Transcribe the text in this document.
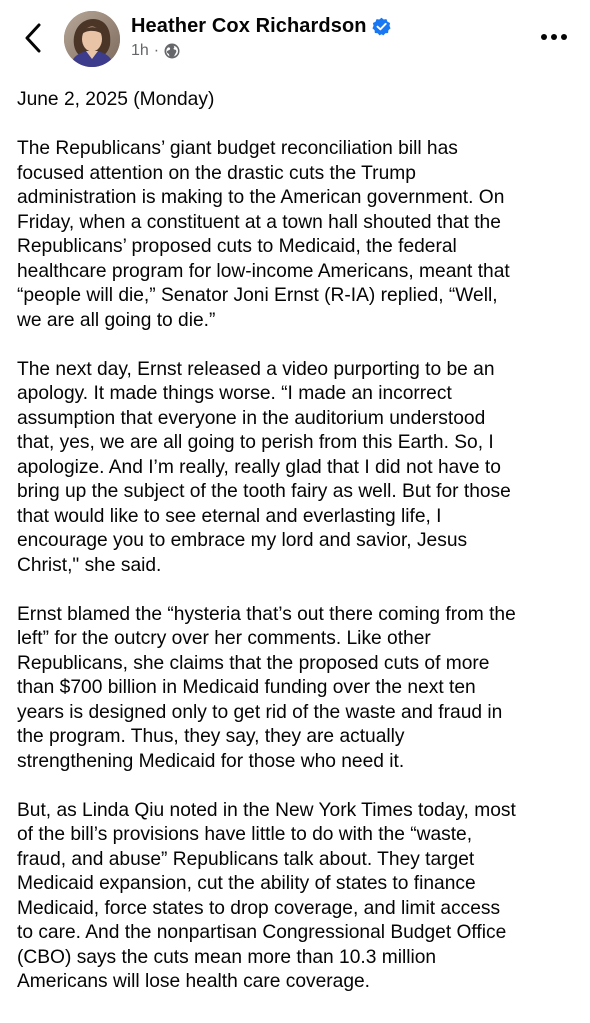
Heather Cox Richardson
1h ·

June 2, 2025 (Monday)

The Republicans’ giant budget reconciliation bill has
focused attention on the drastic cuts the Trump
administration is making to the American government. On
Friday, when a constituent at a town hall shouted that the
Republicans’ proposed cuts to Medicaid, the federal
healthcare program for low-income Americans, meant that
“people will die,” Senator Joni Ernst (R-IA) replied, “Well,
we are all going to die.”

The next day, Ernst released a video purporting to be an
apology. It made things worse. “I made an incorrect
assumption that everyone in the auditorium understood
that, yes, we are all going to perish from this Earth. So, I
apologize. And I’m really, really glad that I did not have to
bring up the subject of the tooth fairy as well. But for those
that would like to see eternal and everlasting life, I
encourage you to embrace my lord and savior, Jesus
Christ," she said.

Ernst blamed the “hysteria that’s out there coming from the
left” for the outcry over her comments. Like other
Republicans, she claims that the proposed cuts of more
than $700 billion in Medicaid funding over the next ten
years is designed only to get rid of the waste and fraud in
the program. Thus, they say, they are actually
strengthening Medicaid for those who need it.

But, as Linda Qiu noted in the New York Times today, most
of the bill’s provisions have little to do with the “waste,
fraud, and abuse” Republicans talk about. They target
Medicaid expansion, cut the ability of states to finance
Medicaid, force states to drop coverage, and limit access
to care. And the nonpartisan Congressional Budget Office
(CBO) says the cuts mean more than 10.3 million
Americans will lose health care coverage.
